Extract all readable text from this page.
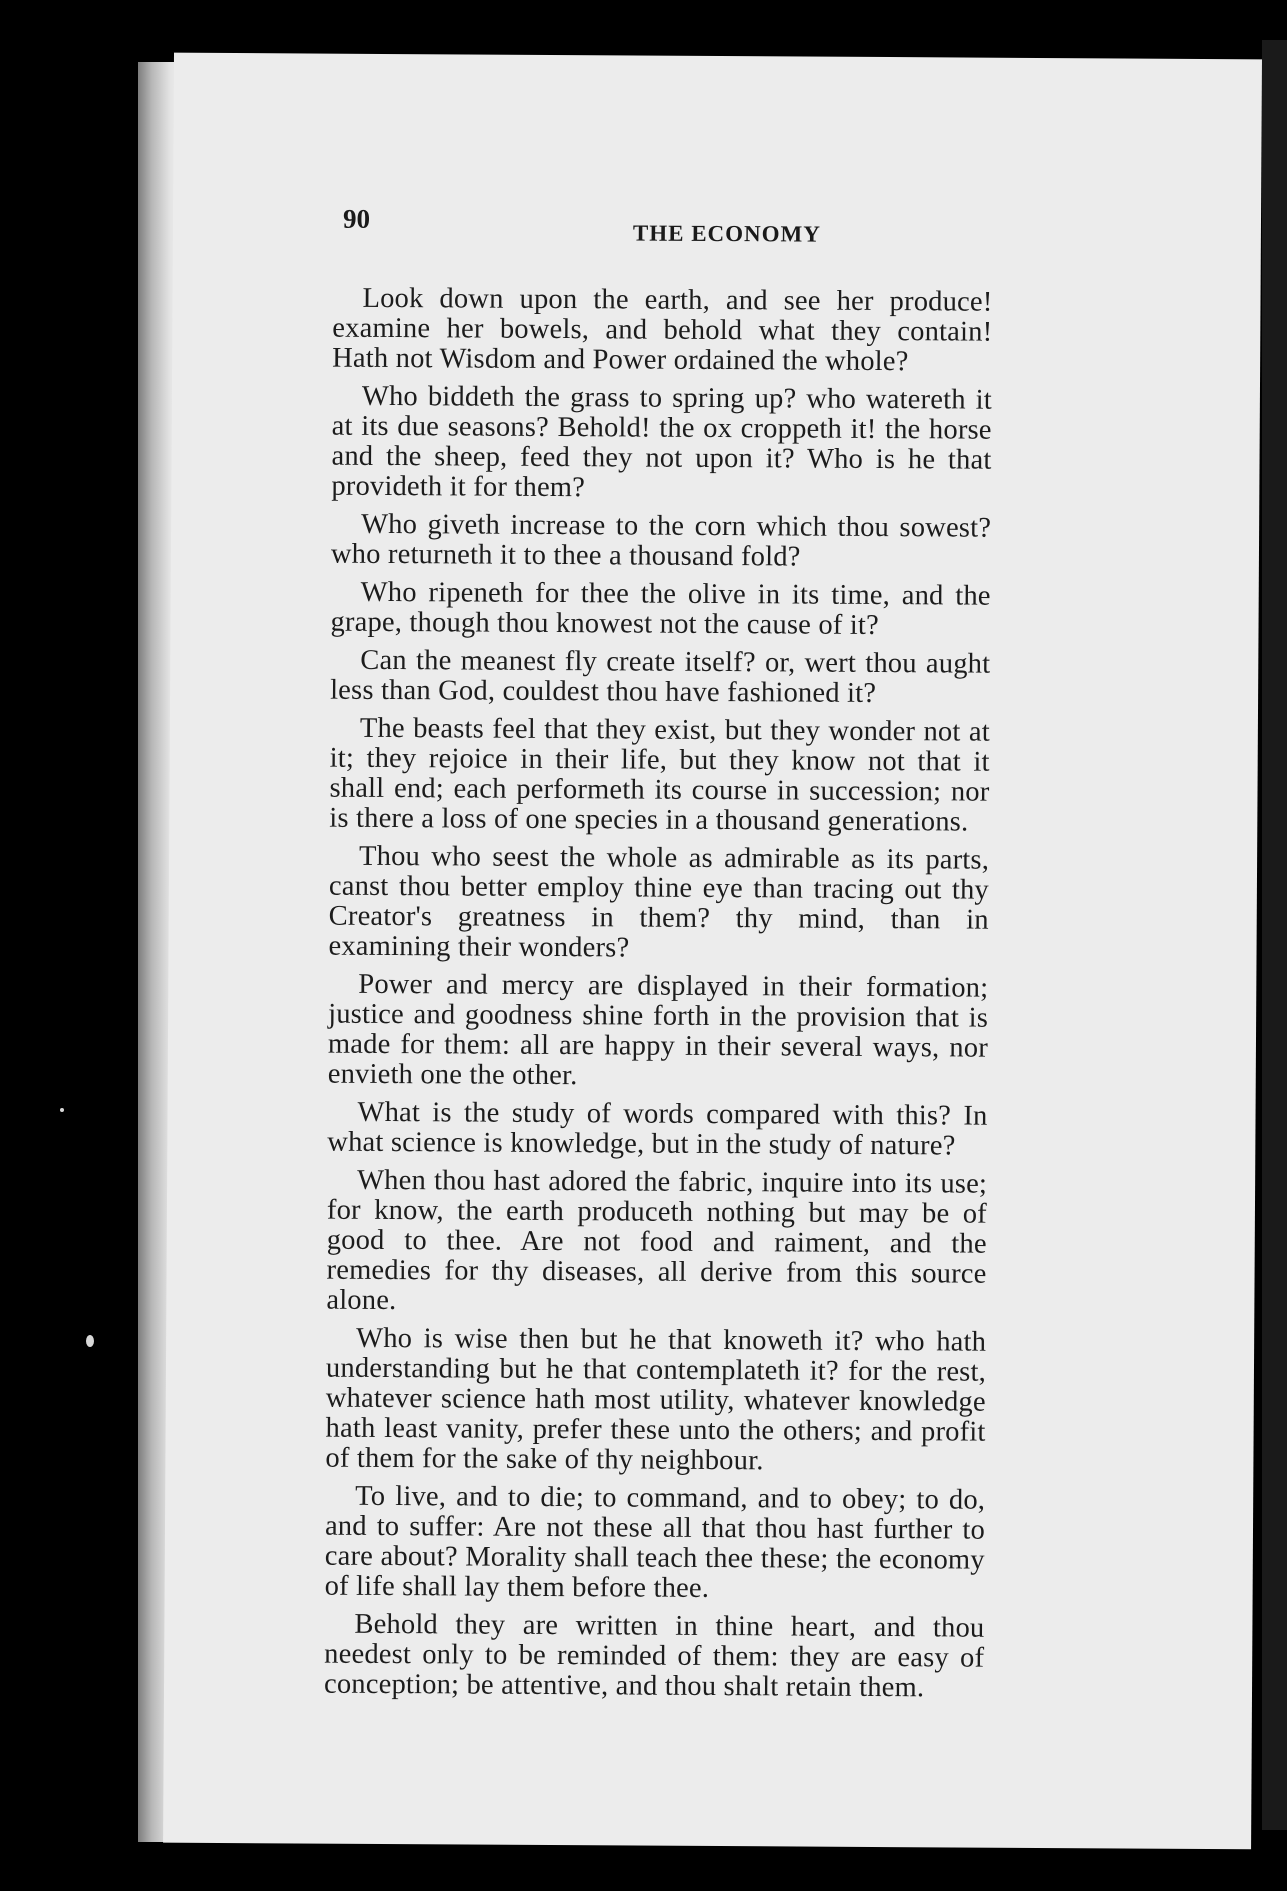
90	THE ECONOMY

Look down upon the earth, and see her produce! examine her bowels, and behold what they contain! Hath not Wisdom and Power ordained the whole?

Who biddeth the grass to spring up? who watereth it at its due seasons? Behold! the ox croppeth it! the horse and the sheep, feed they not upon it? Who is he that provideth it for them?

Who giveth increase to the corn which thou sowest? who returneth it to thee a thousand fold?

Who ripeneth for thee the olive in its time, and the grape, though thou knowest not the cause of it?

Can the meanest fly create itself? or, wert thou aught less than God, couldest thou have fashioned it?

The beasts feel that they exist, but they wonder not at it; they rejoice in their life, but they know not that it shall end; each performeth its course in succession; nor is there a loss of one species in a thousand generations.

Thou who seest the whole as admirable as its parts, canst thou better employ thine eye than tracing out thy Creator's greatness in them? thy mind, than in examining their wonders?

Power and mercy are displayed in their formation; justice and goodness shine forth in the provision that is made for them: all are happy in their several ways, nor envieth one the other.

What is the study of words compared with this? In what science is knowledge, but in the study of nature?

When thou hast adored the fabric, inquire into its use; for know, the earth produceth nothing but may be of good to thee. Are not food and raiment, and the remedies for thy diseases, all derive from this source alone.

Who is wise then but he that knoweth it? who hath understanding but he that contemplateth it? for the rest, whatever science hath most utility, whatever knowledge hath least vanity, prefer these unto the others; and profit of them for the sake of thy neighbour.

To live, and to die; to command, and to obey; to do, and to suffer: Are not these all that thou hast further to care about? Morality shall teach thee these; the economy of life shall lay them before thee.

Behold they are written in thine heart, and thou needest only to be reminded of them: they are easy of conception; be attentive, and thou shalt retain them.
